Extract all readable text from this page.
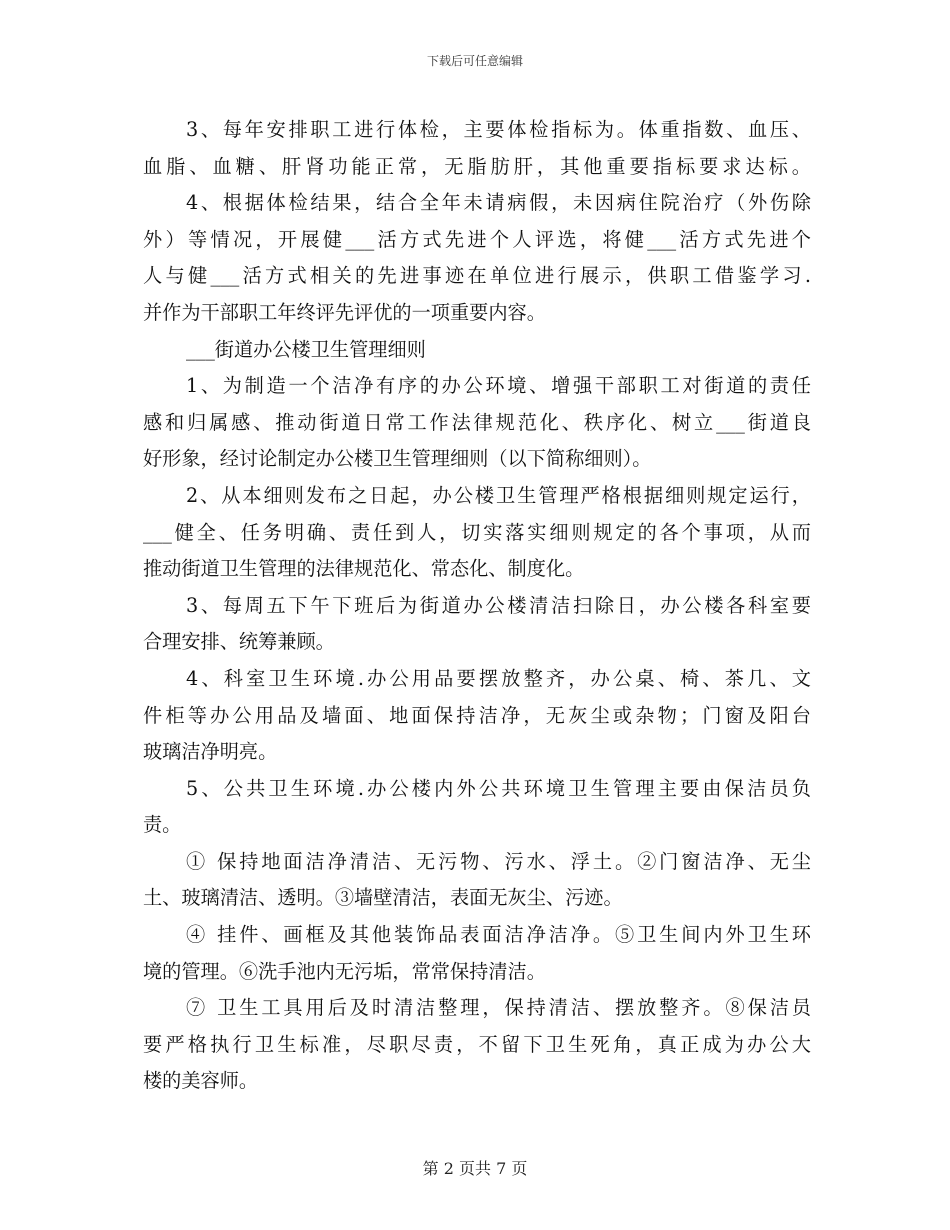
下载后可任意编辑
3、每年安排职工进行体检，主要体检指标为。体重指数、血压、
血脂、血糖、肝肾功能正常，无脂肪肝，其他重要指标要求达标。
4、根据体检结果，结合全年未请病假，未因病住院治疗（外伤除
外）等情况，开展健___活方式先进个人评选，将健___活方式先进个
人与健___活方式相关的先进事迹在单位进行展示，供职工借鉴学习.
并作为干部职工年终评先评优的一项重要内容。
___街道办公楼卫生管理细则
1、为制造一个洁净有序的办公环境、增强干部职工对街道的责任
感和归属感、推动街道日常工作法律规范化、秩序化、树立___街道良
好形象，经讨论制定办公楼卫生管理细则（以下简称细则）。
2、从本细则发布之日起，办公楼卫生管理严格根据细则规定运行，
___健全、任务明确、责任到人，切实落实细则规定的各个事项，从而
推动街道卫生管理的法律规范化、常态化、制度化。
3、每周五下午下班后为街道办公楼清洁扫除日，办公楼各科室要
合理安排、统筹兼顾。
4、科室卫生环境.办公用品要摆放整齐，办公桌、椅、茶几、文
件柜等办公用品及墙面、地面保持洁净，无灰尘或杂物；门窗及阳台
玻璃洁净明亮。
5、公共卫生环境.办公楼内外公共环境卫生管理主要由保洁员负
责。
① 保持地面洁净清洁、无污物、污水、浮土。②门窗洁净、无尘
土、玻璃清洁、透明。③墙壁清洁，表面无灰尘、污迹。
④ 挂件、画框及其他装饰品表面洁净洁净。⑤卫生间内外卫生环
境的管理。⑥洗手池内无污垢，常常保持清洁。
⑦ 卫生工具用后及时清洁整理，保持清洁、摆放整齐。⑧保洁员
要严格执行卫生标准，尽职尽责，不留下卫生死角，真正成为办公大
楼的美容师。
第 2 页共 7 页
